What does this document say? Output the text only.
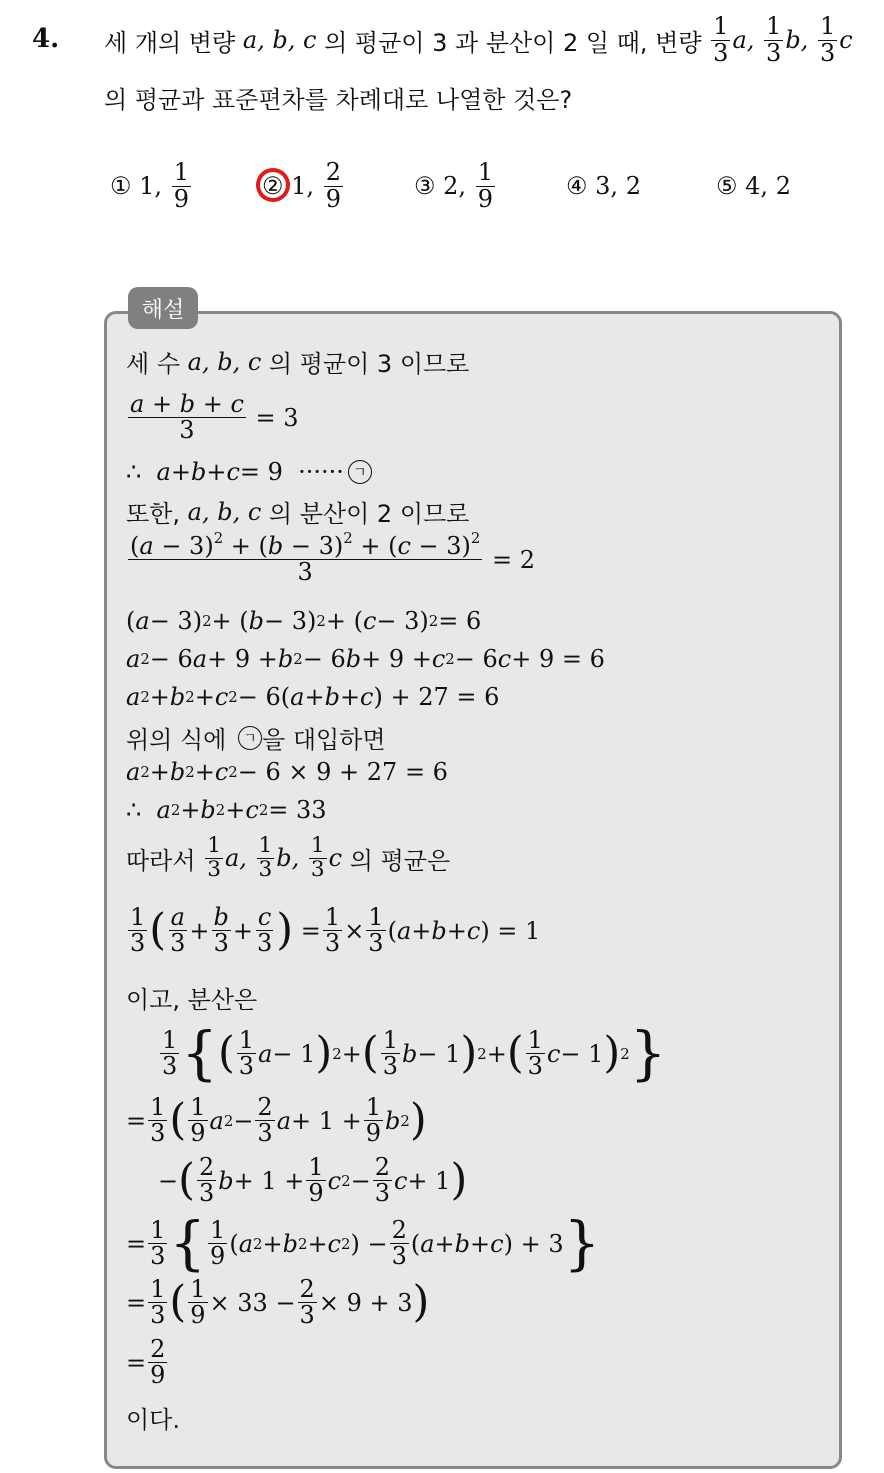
4. 세 개의 변량
a, b, c
의 평균이 3 과 분산이 2 일 때, 변량
$\frac{1}{3} a$,
$\frac{1}{3} b$,
$\frac{1}{3}$ c
의 평균과 표준편차를 차례대로 나열한 것은?
①
1,
$\frac{1}{9}$	②
1,
$\frac{2}{9}$	③
2,
$\frac{1}{9}$	④
3,
2	⑤
4,
2
해설
세 수
a, b, c
의 평균이 3 이므로
$\frac{a + b + c}{3} = 3$
∴ a + b + c = 9 ······ ㄱ
또한,
a, b, c
의 분산이 2 이므로
$\frac{(a - 3)^2 + (b - 3)^2 + (c - 3)^2}{3} = 2$
( a − 3) 2 + ( b − 3) 2 + ( c − 3) 2 = 6
a 2 − 6 a + 9 + b 2 − 6 b + 9 + c 2 − 6 c + 9 = 6
a 2 + b 2 + c 2 − 6( a + b + c ) + 27 = 6
위의 식에
	ㄱ 을 대입하면
a 2 + b 2 + c 2 − 6 × 9 + 27 = 6
∴ a 2 + b 2 + c 2 = 33
따라서
$\frac{1}{3} a$,
$\frac{1}{3} b$,
$\frac{1}{3}$ c
의 평균은
$\frac{1}{3}$ ( $\frac{a}{3} + \frac{b}{3} + \frac{c}{3}$ ) = $\frac{1}{3} \times \frac{1}{3}$ ( a + b + c ) = 1
이고, 분산은
$\frac{1}{3}$ { ( $\frac{1}{3}$ a − 1 ) 2 + ( $\frac{1}{3}$ b − 1 ) 2 + ( $\frac{1}{3}$ c − 1 ) 2 }
= $\frac{1}{3}$ ( $\frac{1}{9}$ a $2 - \frac{2}{3}$ $a + 1 + \frac{1}{9}$ b 2 )
− ( $\frac{2}{3}$ $b + 1 + \frac{1}{9}$ c $2 - \frac{2}{3}$ c + 1 )
= $\frac{1}{3}$ { $\frac{1}{9}$ ( a 2 + b 2 + c 2 ) − $\frac{2}{3}$ ( a + b + c ) + 3 }
= $\frac{1}{3}$ ( $\frac{1}{9} \times 33 - \frac{2}{3} \times 9 + 3$ )
= $\frac{2}{9}$
이다.
